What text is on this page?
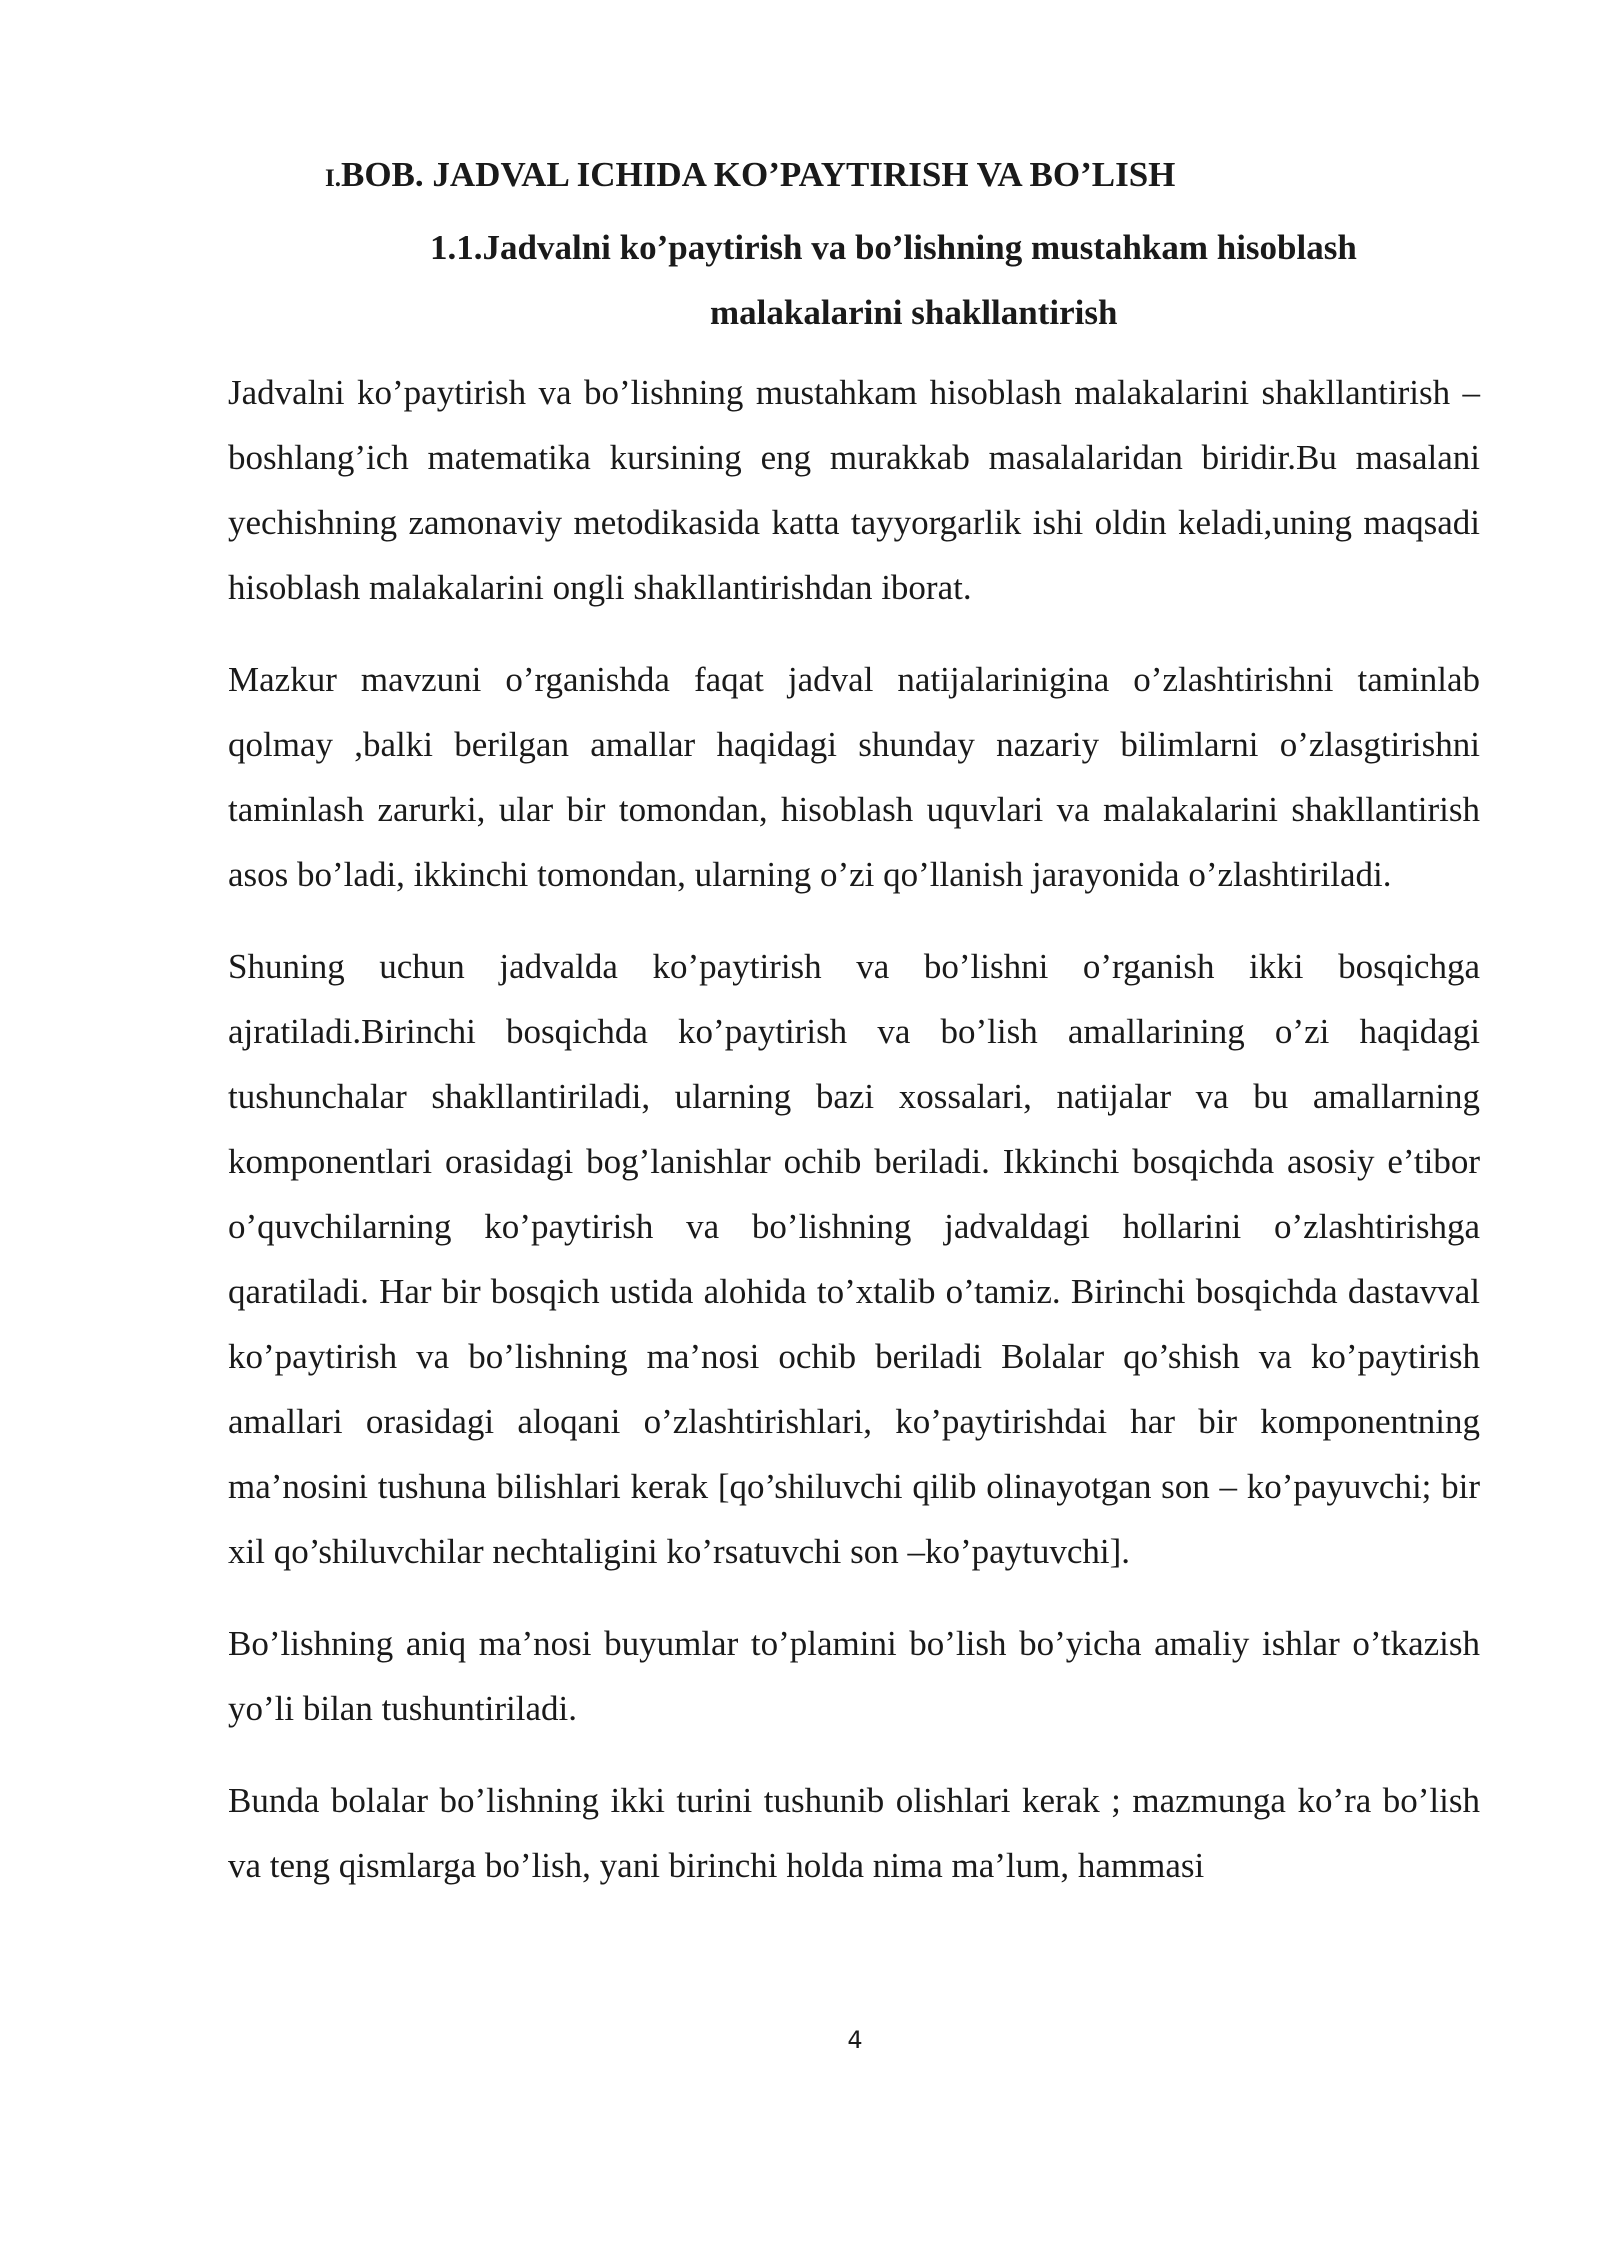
I.BOB. JADVAL ICHIDA KO’PAYTIRISH VA BO’LISH
1.1.Jadvalni ko’paytirish va bo’lishning mustahkam hisoblash
malakalarini shakllantirish

Jadvalni ko’paytirish va bo’lishning mustahkam hisoblash malakalarini shakllantirish –boshlang’ich matematika kursining eng murakkab masalalaridan biridir.Bu masalani yechishning zamonaviy metodikasida katta tayyorgarlik ishi oldin keladi,uning maqsadi hisoblash malakalarini ongli shakllantirishdan iborat.

Mazkur mavzuni o’rganishda faqat jadval natijalarinigina o’zlashtirishni taminlab qolmay ,balki berilgan amallar haqidagi shunday nazariy bilimlarni o’zlasgtirishni taminlash zarurki, ular bir tomondan, hisoblash uquvlari va malakalarini shakllantirish asos bo’ladi, ikkinchi tomondan, ularning o’zi qo’llanish jarayonida o’zlashtiriladi.

Shuning uchun jadvalda ko’paytirish va bo’lishni o’rganish ikki bosqichga ajratiladi.Birinchi bosqichda ko’paytirish va bo’lish amallarining o’zi haqidagi tushunchalar shakllantiriladi, ularning bazi xossalari, natijalar va bu amallarning komponentlari orasidagi bog’lanishlar ochib beriladi. Ikkinchi bosqichda asosiy e’tibor o’quvchilarning ko’paytirish va bo’lishning jadvaldagi hollarini o’zlashtirishga qaratiladi. Har bir bosqich ustida alohida to’xtalib o’tamiz. Birinchi bosqichda dastavval ko’paytirish va bo’lishning ma’nosi ochib beriladi Bolalar qo’shish va ko’paytirish amallari orasidagi aloqani o’zlashtirishlari, ko’paytirishdai har bir komponentning ma’nosini tushuna bilishlari kerak [qo’shiluvchi qilib olinayotgan son – ko’payuvchi; bir xil qo’shiluvchilar nechtaligini ko’rsatuvchi son –ko’paytuvchi].

Bo’lishning aniq ma’nosi buyumlar to’plamini bo’lish bo’yicha amaliy ishlar o’tkazish yo’li bilan tushuntiriladi.

Bunda bolalar bo’lishning ikki turini tushunib olishlari kerak ; mazmunga ko’ra bo’lish va teng qismlarga bo’lish, yani birinchi holda nima ma’lum, hammasi

4
